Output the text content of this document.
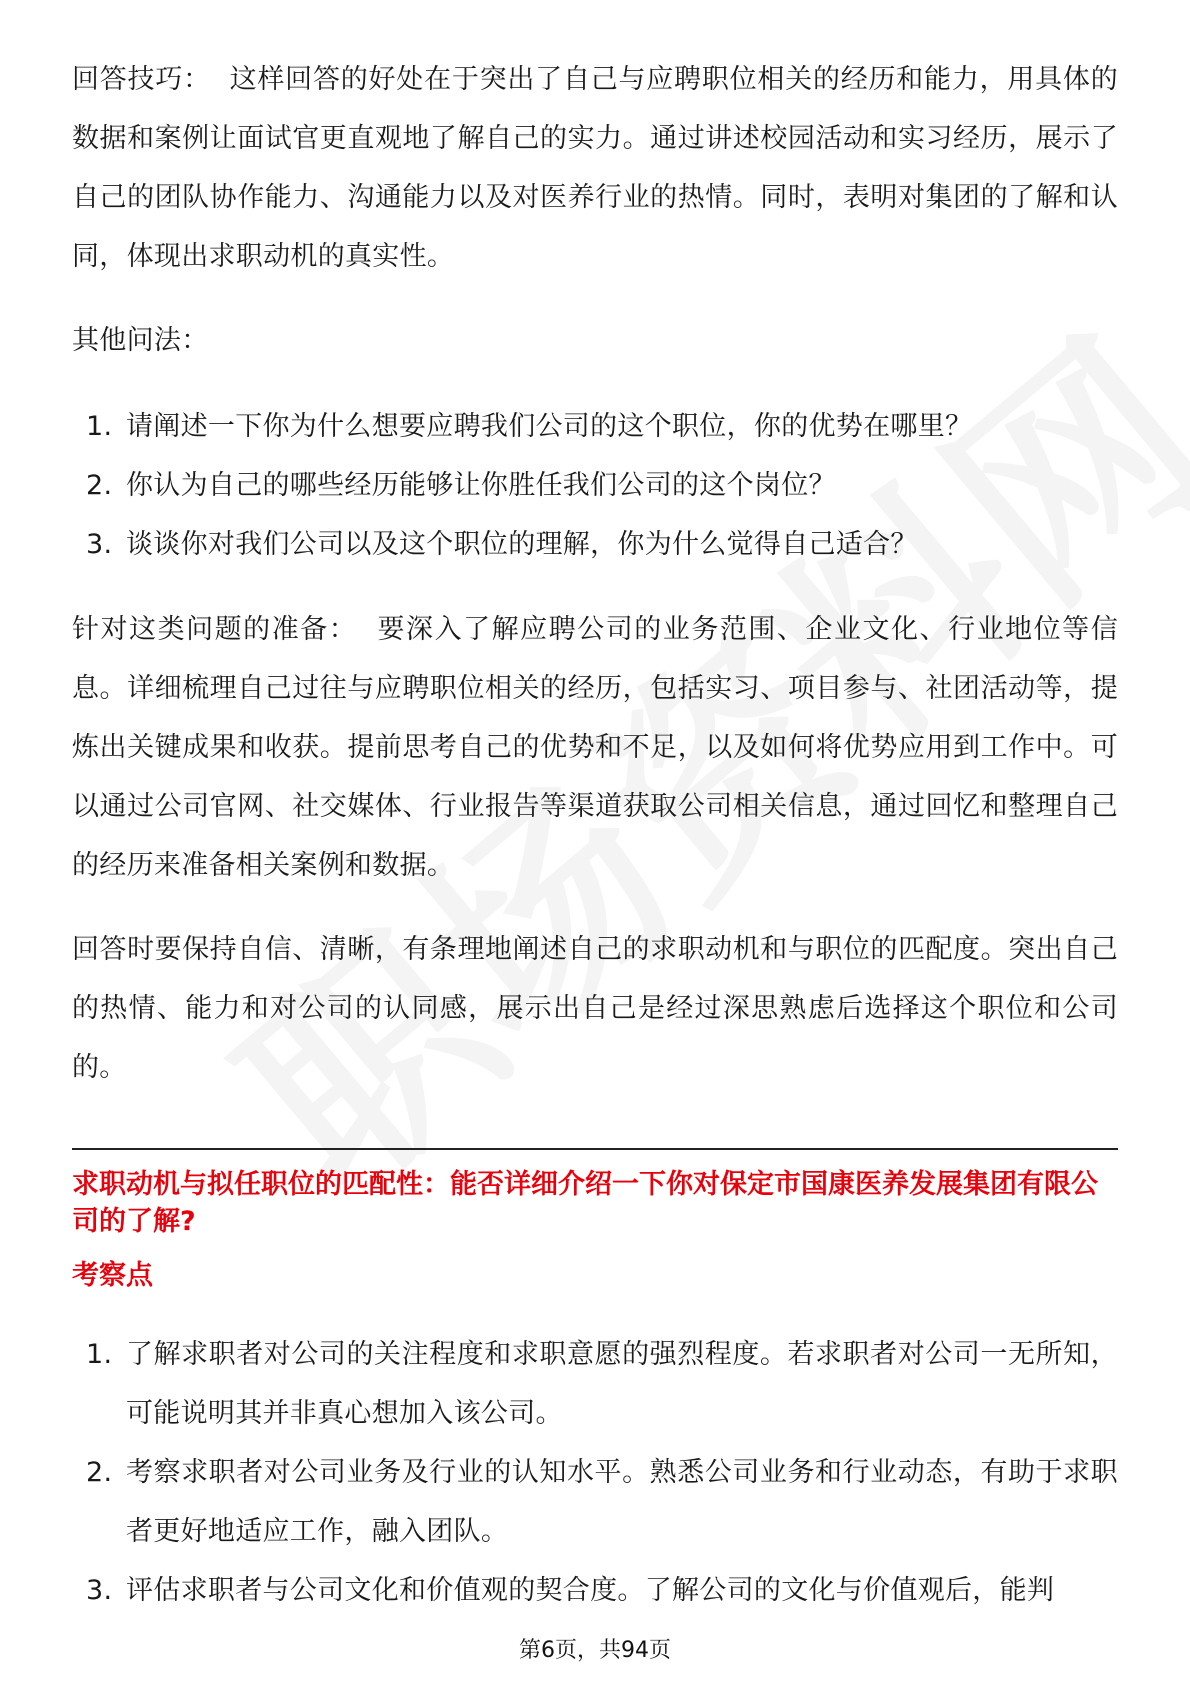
回答技巧： 这样回答的好处在于突出了自己与应聘职位相关的经历和能力，用具体的数据和案例让面试官更直观地了解自己的实力。通过讲述校园活动和实习经历，展示了自己的团队协作能力、沟通能力以及对医养行业的热情。同时，表明对集团的了解和认同，体现出求职动机的真实性。

其他问法：

1. 请阐述一下你为什么想要应聘我们公司的这个职位，你的优势在哪里？
2. 你认为自己的哪些经历能够让你胜任我们公司的这个岗位？
3. 谈谈你对我们公司以及这个职位的理解，你为什么觉得自己适合？

针对这类问题的准备： 要深入了解应聘公司的业务范围、企业文化、行业地位等信息。详细梳理自己过往与应聘职位相关的经历，包括实习、项目参与、社团活动等，提炼出关键成果和收获。提前思考自己的优势和不足，以及如何将优势应用到工作中。可以通过公司官网、社交媒体、行业报告等渠道获取公司相关信息，通过回忆和整理自己的经历来准备相关案例和数据。

回答时要保持自信、清晰，有条理地阐述自己的求职动机和与职位的匹配度。突出自己的热情、能力和对公司的认同感，展示出自己是经过深思熟虑后选择这个职位和公司的。

求职动机与拟任职位的匹配性：能否详细介绍一下你对保定市国康医养发展集团有限公司的了解?
考察点
1. 了解求职者对公司的关注程度和求职意愿的强烈程度。若求职者对公司一无所知，可能说明其并非真心想加入该公司。
2. 考察求职者对公司业务及行业的认知水平。熟悉公司业务和行业动态，有助于求职者更好地适应工作，融入团队。
3. 评估求职者与公司文化和价值观的契合度。了解公司的文化与价值观后，能判
第6页，共94页
